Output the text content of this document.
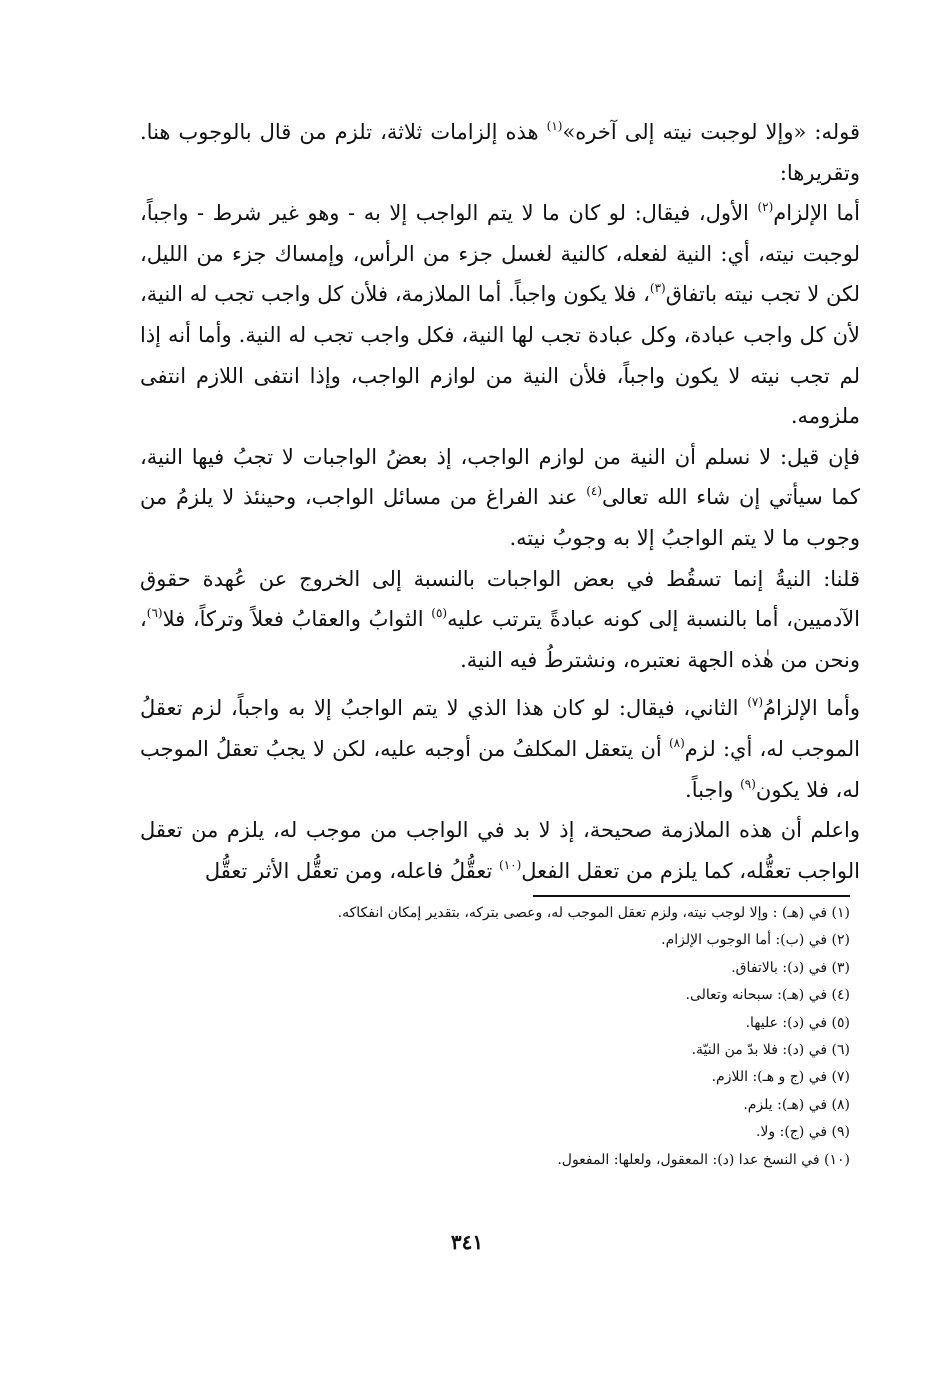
قوله: «وإلا لوجبت نيته إلى آخره»$^{(١)}$ هذه إلزامات ثلاثة، تلزم من قال بالوجوب هنا. وتقريرها:

أما الإلزام$^{(٢)}$ الأول، فيقال: لو كان ما لا يتم الواجب إلا به - وهو غير شرط - واجباً، لوجبت نيته، أي: النية لفعله، كالنية لغسل جزء من الرأس، وإمساك جزء من الليل، لكن لا تجب نيته باتفاق$^{(٣)}$، فلا يكون واجباً. أما الملازمة، فلأن كل واجب تجب له النية، لأن كل واجب عبادة، وكل عبادة تجب لها النية، فكل واجب تجب له النية. وأما أنه إذا لم تجب نيته لا يكون واجباً، فلأن النية من لوازم الواجب، وإذا انتفى اللازم انتفى ملزومه.

فإن قيل: لا نسلم أن النية من لوازم الواجب، إذ بعضُ الواجبات لا تجبُ فيها النية، كما سيأتي إن شاء الله تعالى$^{(٤)}$ عند الفراغ من مسائل الواجب، وحينئذ لا يلزمُ من وجوب ما لا يتم الواجبُ إلا به وجوبُ نيته.

قلنا: النيةُ إنما تسقُط في بعض الواجبات بالنسبة إلى الخروج عن عُهدة حقوق الآدميين، أما بالنسبة إلى كونه عبادةً يترتب عليه$^{(٥)}$ الثوابُ والعقابُ فعلاً وتركاً، فلا$^{(٦)}$، ونحن من هٰذه الجهة نعتبره، ونشترطُ فيه النية.

وأما الإلزامُ$^{(٧)}$ الثاني، فيقال: لو كان هذا الذي لا يتم الواجبُ إلا به واجباً، لزم تعقلُ الموجب له، أي: لزم$^{(٨)}$ أن يتعقل المكلفُ من أوجبه عليه، لكن لا يجبُ تعقلُ الموجب له، فلا يكون$^{(٩)}$ واجباً.

واعلم أن هذه الملازمة صحيحة، إذ لا بد في الواجب من موجب له، يلزم من تعقل الواجب تعقُّله، كما يلزم من تعقل الفعل$^{(١٠)}$ تعقُّلُ فاعله، ومن تعقُّل الأثر تعقُّل

(١) في (هـ) : وإلا لوجب نيته، ولزم تعقل الموجب له، وعصى بتركه، بتقدير إمكان انفكاكه.
(٢) في (ب): أما الوجوب الإلزام.
(٣) في (د): بالاتفاق.
(٤) في (هـ): سبحانه وتعالى.
(٥) في (د): عليها.
(٦) في (د): فلا بدّ من النيّة.
(٧) في (ج و هـ): اللازم.
(٨) في (هـ): يلزم.
(٩) في (ج): ولا.
(١٠) في النسخ عدا (د): المعقول، ولعلها: المفعول.
٣٤١
